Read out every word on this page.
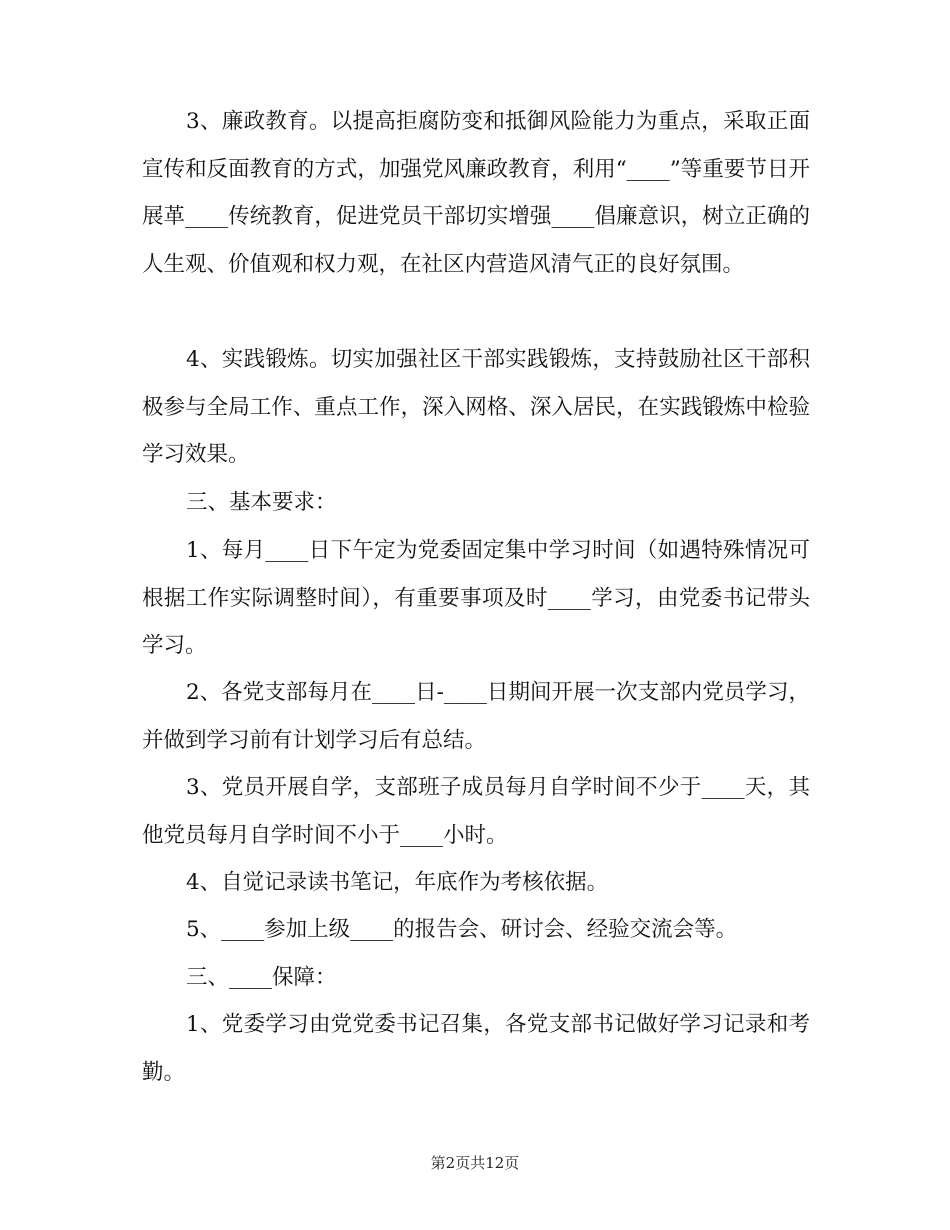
3、廉政教育。以提高拒腐防变和抵御风险能力为重点，采取正面宣传和反面教育的方式，加强党风廉政教育，利用“____”等重要节日开展革____传统教育，促进党员干部切实增强____倡廉意识，树立正确的人生观、价值观和权力观，在社区内营造风清气正的良好氛围。

4、实践锻炼。切实加强社区干部实践锻炼，支持鼓励社区干部积极参与全局工作、重点工作，深入网格、深入居民，在实践锻炼中检验学习效果。

三、基本要求：

1、每月____日下午定为党委固定集中学习时间（如遇特殊情况可根据工作实际调整时间），有重要事项及时____学习，由党委书记带头学习。

2、各党支部每月在____日-____日期间开展一次支部内党员学习，并做到学习前有计划学习后有总结。

3、党员开展自学，支部班子成员每月自学时间不少于____天，其他党员每月自学时间不小于____小时。

4、自觉记录读书笔记，年底作为考核依据。

5、____参加上级____的报告会、研讨会、经验交流会等。

三、____保障：

1、党委学习由党党委书记召集，各党支部书记做好学习记录和考勤。

第2页共12页
